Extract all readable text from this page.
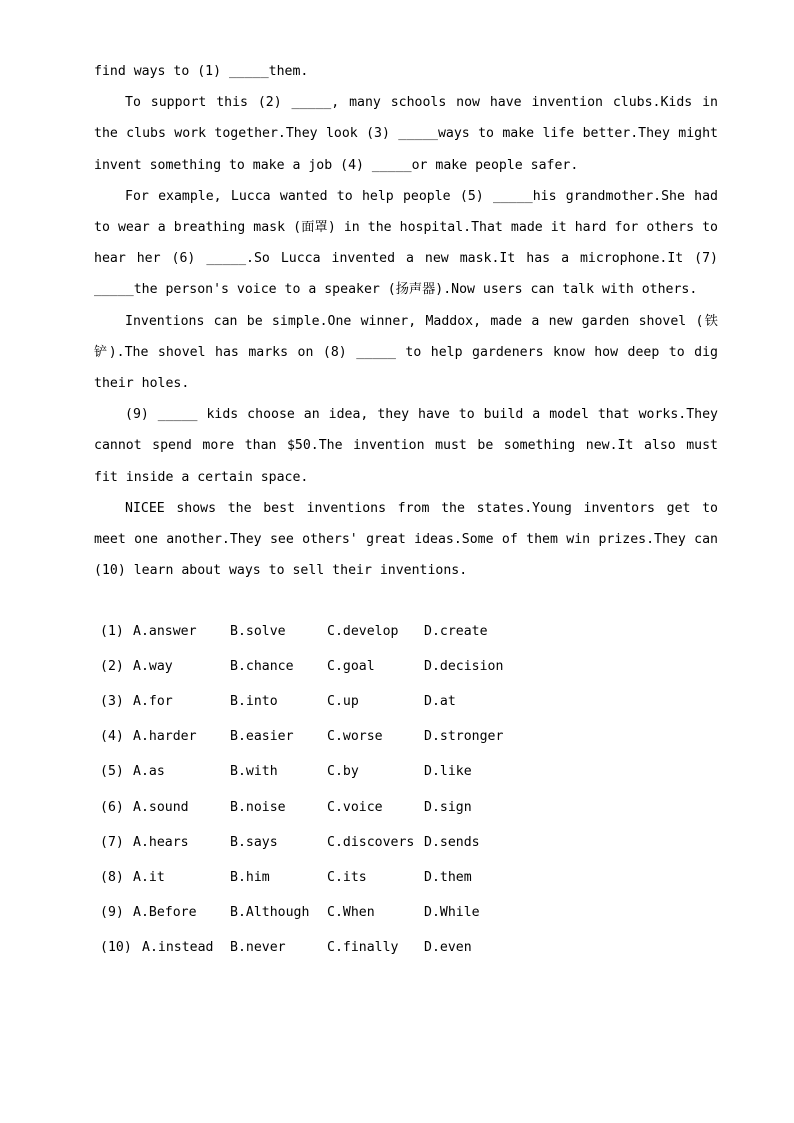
find ways to (1) _____them.

To support this (2) _____, many schools now have invention clubs.Kids in the clubs work together.They look (3) _____ways to make life better.They might invent something to make a job (4) _____or make people safer.

For example, Lucca wanted to help people (5) _____his grandmother.She had to wear a breathing mask (面罩) in the hospital.That made it hard for others to hear her (6) _____.So Lucca invented a new mask.It has a microphone.It (7) _____the person's voice to a speaker (扬声器).Now users can talk with others.

Inventions can be simple.One winner, Maddox, made a new garden shovel (铁铲).The shovel has marks on (8) _____ to help gardeners know how deep to dig their holes.

(9) _____ kids choose an idea, they have to build a model that works.They cannot spend more than $50.The invention must be something new.It also must fit inside a certain space.

NICEE shows the best inventions from the states.Young inventors get to meet one another.They see others' great ideas.Some of them win prizes.They can (10) learn about ways to sell their inventions.

(1) A.answer	B.solve	C.develop	D.create
(2) A.way	B.chance	C.goal	D.decision
(3) A.for	B.into	C.up	D.at
(4) A.harder	B.easier	C.worse	D.stronger
(5) A.as	B.with	C.by	D.like
(6) A.sound	B.noise	C.voice	D.sign
(7) A.hears	B.says	C.discovers D.sends
(8) A.it	B.him	C.its	D.them
(9) A.Before	B.Although	C.When	D.While
(10) A.instead	B.never	C.finally	D.even
